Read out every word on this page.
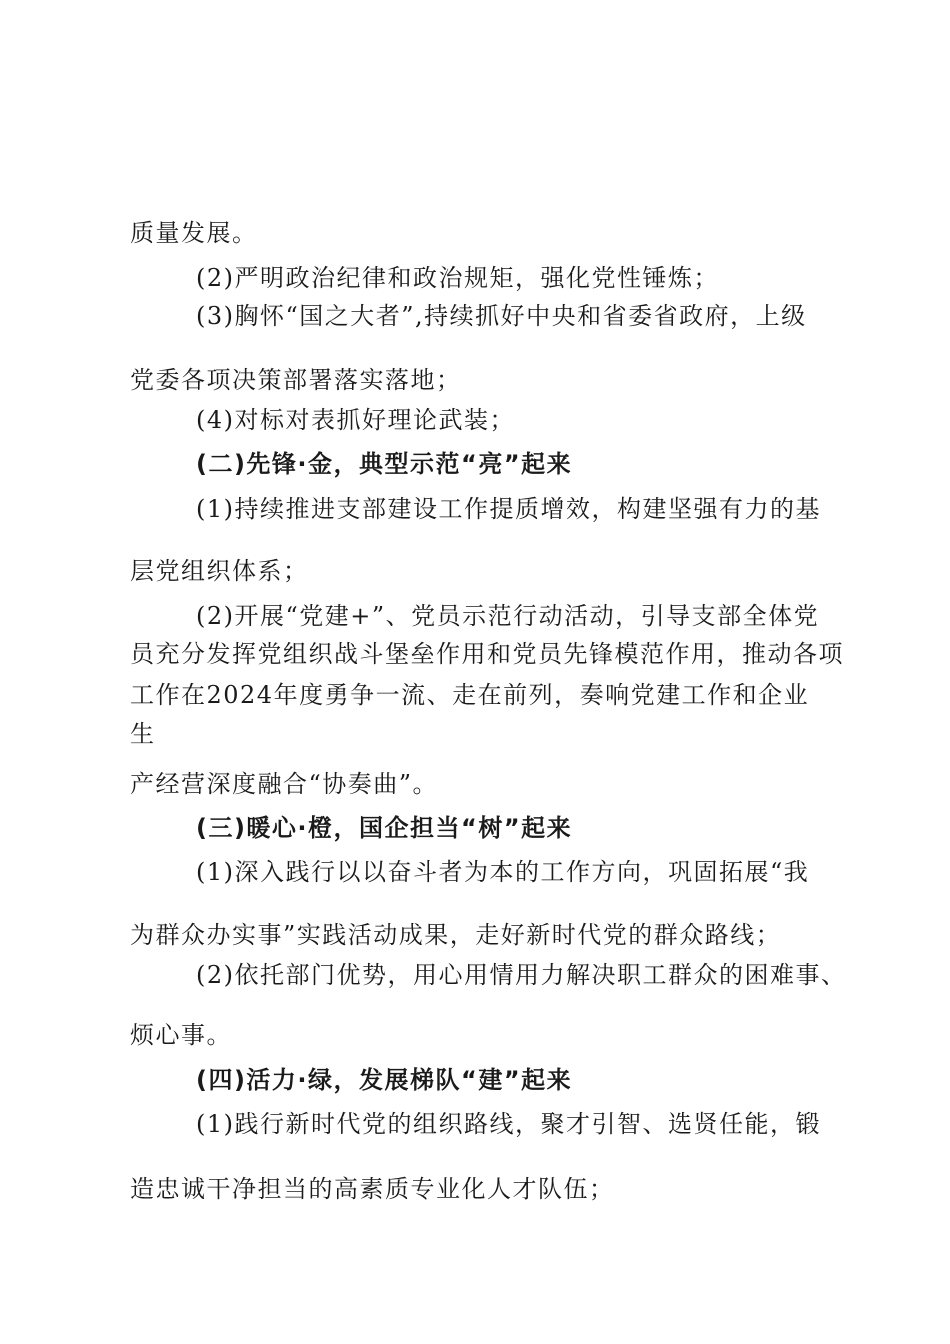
质量发展。
(2)严明政治纪律和政治规矩，强化党性锤炼；
(3)胸怀“国之大者”,持续抓好中央和省委省政府，上级
党委各项决策部署落实落地；
(4)对标对表抓好理论武装；
(二)先锋·金，典型示范“亮”起来
(1)持续推进支部建设工作提质增效，构建坚强有力的基
层党组织体系；
(2)开展“党建+”、党员示范行动活动，引导支部全体党
员充分发挥党组织战斗堡垒作用和党员先锋模范作用，推动各项
工作在2024年度勇争一流、走在前列，奏响党建工作和企业
生
产经营深度融合“协奏曲”。
(三)暖心·橙，国企担当“树”起来
(1)深入践行以以奋斗者为本的工作方向，巩固拓展“我
为群众办实事”实践活动成果，走好新时代党的群众路线；
(2)依托部门优势，用心用情用力解决职工群众的困难事、
烦心事。
(四)活力·绿，发展梯队“建”起来
(1)践行新时代党的组织路线，聚才引智、选贤任能，锻
造忠诚干净担当的高素质专业化人才队伍；
